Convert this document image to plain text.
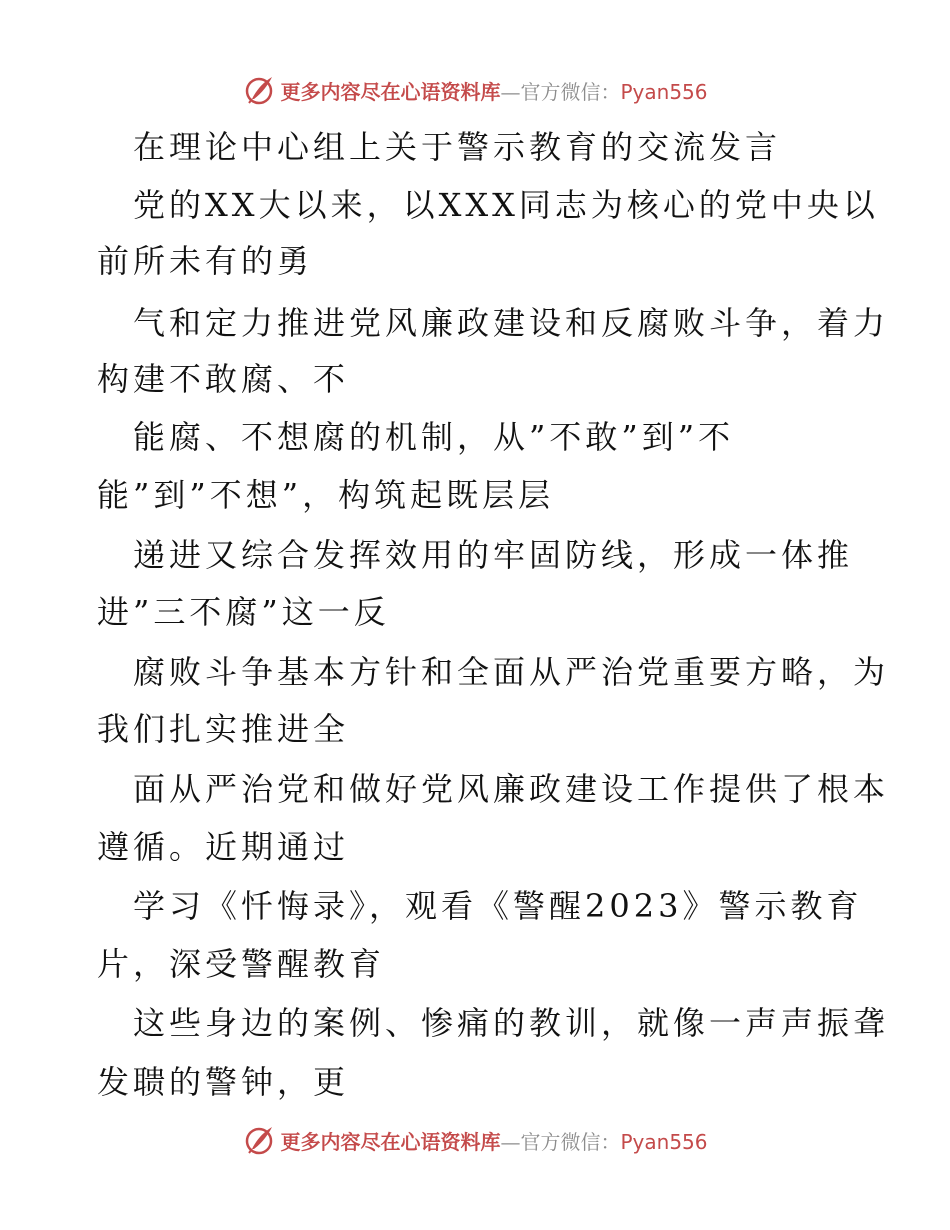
更多内容尽在心语资料库—官方微信：Pyan556
在理论中心组上关于警示教育的交流发言
党的XX大以来，以XXX同志为核心的党中央以
前所未有的勇
气和定力推进党风廉政建设和反腐败斗争，着力
构建不敢腐、不
能腐、不想腐的机制，从”不敢”到”不
能”到”不想”，构筑起既层层
递进又综合发挥效用的牢固防线，形成一体推
进”三不腐”这一反
腐败斗争基本方针和全面从严治党重要方略，为
我们扎实推进全
面从严治党和做好党风廉政建设工作提供了根本
遵循。近期通过
学习《忏悔录》，观看《警醒2023》警示教育
片，深受警醒教育
这些身边的案例、惨痛的教训，就像一声声振聋
发聩的警钟，更
更多内容尽在心语资料库—官方微信：Pyan556
